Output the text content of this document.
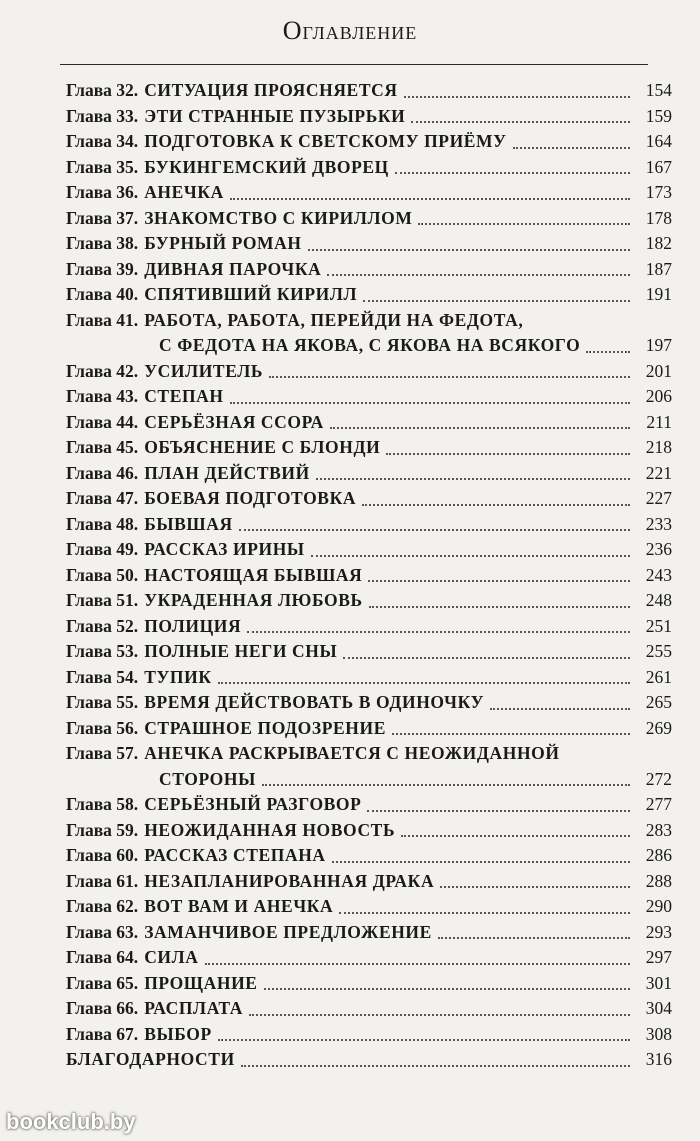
Оглавление
Глава 32. СИТУАЦИЯ ПРОЯСНЯЕТСЯ	154
Глава 33. ЭТИ СТРАННЫЕ ПУЗЫРЬКИ	159
Глава 34. ПОДГОТОВКА К СВЕТСКОМУ ПРИЁМУ	164
Глава 35. БУКИНГЕМСКИЙ ДВОРЕЦ	167
Глава 36. АНЕЧКА	173
Глава 37. ЗНАКОМСТВО С КИРИЛЛОМ	178
Глава 38. БУРНЫЙ РОМАН	182
Глава 39. ДИВНАЯ ПАРОЧКА	187
Глава 40. СПЯТИВШИЙ КИРИЛЛ	191
Глава 41. РАБОТА, РАБОТА, ПЕРЕЙДИ НА ФЕДОТА,
С ФЕДОТА НА ЯКОВА, С ЯКОВА НА ВСЯКОГО	197
Глава 42. УСИЛИТЕЛЬ	201
Глава 43. СТЕПАН	206
Глава 44. СЕРЬЁЗНАЯ ССОРА	211
Глава 45. ОБЪЯСНЕНИЕ С БЛОНДИ	218
Глава 46. ПЛАН ДЕЙСТВИЙ	221
Глава 47. БОЕВАЯ ПОДГОТОВКА	227
Глава 48. БЫВШАЯ	233
Глава 49. РАССКАЗ ИРИНЫ	236
Глава 50. НАСТОЯЩАЯ БЫВШАЯ	243
Глава 51. УКРАДЕННАЯ ЛЮБОВЬ	248
Глава 52. ПОЛИЦИЯ	251
Глава 53. ПОЛНЫЕ НЕГИ СНЫ	255
Глава 54. ТУПИК	261
Глава 55. ВРЕМЯ ДЕЙСТВОВАТЬ В ОДИНОЧКУ	265
Глава 56. СТРАШНОЕ ПОДОЗРЕНИЕ	269
Глава 57. АНЕЧКА РАСКРЫВАЕТСЯ С НЕОЖИДАННОЙ
СТОРОНЫ	272
Глава 58. СЕРЬЁЗНЫЙ РАЗГОВОР	277
Глава 59. НЕОЖИДАННАЯ НОВОСТЬ	283
Глава 60. РАССКАЗ СТЕПАНА	286
Глава 61. НЕЗАПЛАНИРОВАННАЯ ДРАКА	288
Глава 62. ВОТ ВАМ И АНЕЧКА	290
Глава 63. ЗАМАНЧИВОЕ ПРЕДЛОЖЕНИЕ	293
Глава 64. СИЛА	297
Глава 65. ПРОЩАНИЕ	301
Глава 66. РАСПЛАТА	304
Глава 67. ВЫБОР	308
БЛАГОДАРНОСТИ	316
bookclub.by
